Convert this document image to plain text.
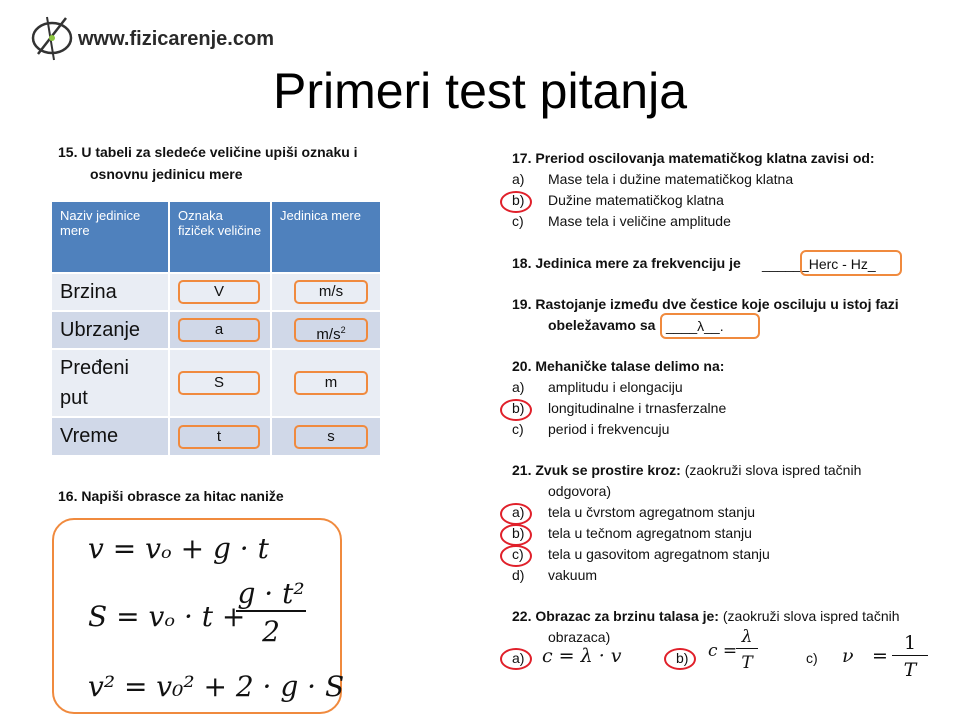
www.fizicarenje.com
Primeri test pitanja
15. U tabeli za sledeće veličine upiši oznaku i
osnovnu jedinicu mere
Naziv jedinice mere	Oznaka fiziček veličine	Jedinica mere
Brzina	V	m/s

Ubrzanje	a	$m/s^2$

Pređeni put	S	m

Vreme	t	s
16. Napiši obrasce za hitac naniže
v = vₒ + g · t
S = vₒ · t +
g · t²
2
v² = v₀² + 2 · g · S
17. Preriod oscilovanja matematičkog klatna zavisi od:
a) Mase tela i dužine matematičkog klatna
b) Dužine matematičkog klatna
c) Mase tela i veličine amplitude
18. Jedinica mere za frekvenciju je ______Herc - Hz_
19. Rastojanje između dve čestice koje osciluju u istoj fazi
obeležavamo sa ____λ__.
20. Mehaničke talase delimo na:
a) amplitudu i elongaciju
b) longitudinalne i trnasferzalne
c) period i frekvencuju
21. Zvuk se prostire kroz: (zaokruži slova ispred tačnih
odgovora)
a) tela u čvrstom agregatnom stanju
b) tela u tečnom agregatnom stanju
c) tela u gasovitom agregatnom stanju
d) vakuum
22. Obrazac za brzinu talasa je: (zaokruži slova ispred tačnih
obrazaca)
a) c = λ · v	b) c =
λ
T	c) ν =
1
T
